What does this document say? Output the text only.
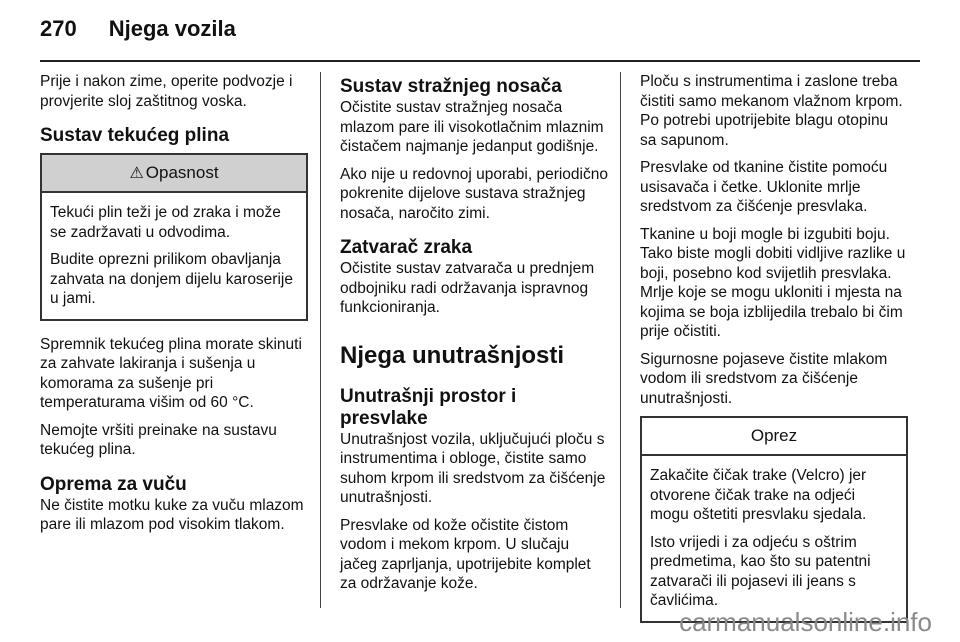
270 Njega vozila

Prije i nakon zime, operite podvozje i provjerite sloj zaštitnog voska.

Sustav tekućeg plina
⚠ Opasnost

Tekući plin teži je od zraka i može se zadržavati u odvodima.

Budite oprezni prilikom obavljanja zahvata na donjem dijelu karoserije u jami.

Spremnik tekućeg plina morate skinuti za zahvate lakiranja i sušenja u komorama za sušenje pri temperaturama višim od 60 °C.

Nemojte vršiti preinake na sustavu tekućeg plina.

Oprema za vuču

Ne čistite motku kuke za vuču mlazom pare ili mlazom pod visokim tlakom.

Sustav stražnjeg nosača

Očistite sustav stražnjeg nosača mlazom pare ili visokotlačnim mlaznim čistačem najmanje jedanput godišnje.

Ako nije u redovnoj uporabi, periodično pokrenite dijelove sustava stražnjeg nosača, naročito zimi.

Zatvarač zraka

Očistite sustav zatvarača u prednjem odbojniku radi održavanja ispravnog funkcioniranja.

Njega unutrašnjosti
Unutrašnji prostor i presvlake

Unutrašnjost vozila, uključujući ploču s instrumentima i obloge, čistite samo suhom krpom ili sredstvom za čišćenje unutrašnjosti.

Presvlake od kože očistite čistom vodom i mekom krpom. U slučaju jačeg zaprljanja, upotrijebite komplet za održavanje kože.

Ploču s instrumentima i zaslone treba čistiti samo mekanom vlažnom krpom. Po potrebi upotrijebite blagu otopinu sa sapunom.

Presvlake od tkanine čistite pomoću usisavača i četke. Uklonite mrlje sredstvom za čišćenje presvlaka.

Tkanine u boji mogle bi izgubiti boju. Tako biste mogli dobiti vidljive razlike u boji, posebno kod svijetlih presvlaka. Mrlje koje se mogu ukloniti i mjesta na kojima se boja izblijedila trebalo bi čim prije očistiti.

Sigurnosne pojaseve čistite mlakom vodom ili sredstvom za čišćenje unutrašnjosti.

Oprez

Zakačite čičak trake (Velcro) jer otvorene čičak trake na odjeći mogu oštetiti presvlaku sjedala.

Isto vrijedi i za odjeću s oštrim predmetima, kao što su patentni zatvarači ili pojasevi ili jeans s čavlićima.

carmanualsonline.info
